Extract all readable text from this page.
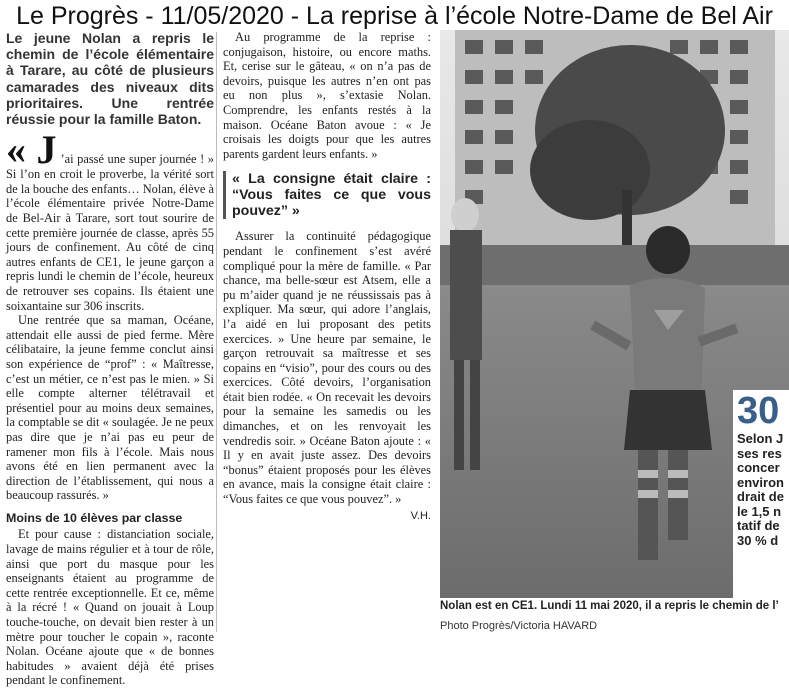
Le Progrès - 11/05/2020 - La reprise à l’école Notre-Dame de Bel Air
Le jeune Nolan a repris le chemin de l’école élémentaire à Tarare, au côté de plusieurs camarades des niveaux dits prioritaires. Une rentrée réussie pour la famille Baton.

« J ’ai passé une super journée ! » Si l’on en croit le proverbe, la vérité sort de la bouche des enfants… Nolan, élève à l’école élémentaire privée Notre-Dame de Bel-Air à Tarare, sort tout sourire de cette première journée de classe, après 55 jours de confinement. Au côté de cinq autres enfants de CE1, le jeune garçon a repris lundi le chemin de l’école, heureux de retrouver ses copains. Ils étaient une soixantaine sur 306 inscrits.

Une rentrée que sa maman, Océane, attendait elle aussi de pied ferme. Mère célibataire, la jeune femme conclut ainsi son expérience de “prof” : « Maîtresse, c’est un métier, ce n’est pas le mien. » Si elle compte alterner télétravail et présentiel pour au moins deux semaines, la comptable se dit « soulagée. Je ne peux pas dire que je n’ai pas eu peur de ramener mon fils à l’école. Mais nous avons été en lien permanent avec la direction de l’établissement, qui nous a beaucoup rassurés. »

Moins de 10 élèves par classe

Et pour cause : distanciation sociale, lavage de mains régulier et à tour de rôle, ainsi que port du masque pour les enseignants étaient au programme de cette rentrée exceptionnelle. Et ce, même à la récré ! « Quand on jouait à Loup touche-touche, on devait bien rester à un mètre pour toucher le copain », raconte Nolan. Océane ajoute que « de bonnes habitudes » avaient déjà été prises pendant le confinement.

Au programme de la reprise : conjugaison, histoire, ou encore maths. Et, cerise sur le gâteau, « on n’a pas de devoirs, puisque les autres n’en ont pas eu non plus », s’extasie Nolan. Comprendre, les enfants restés à la maison. Océane Baton avoue : « Je croisais les doigts pour que les autres parents gardent leurs enfants. »

« La consigne était claire : “Vous faites ce que vous pouvez” »

Assurer la continuité pédagogique pendant le confinement s’est avéré compliqué pour la mère de famille. « Par chance, ma belle-sœur est Atsem, elle a pu m’aider quand je ne réussissais pas à expliquer. Ma sœur, qui adore l’anglais, l’a aidé en lui proposant des petits exercices. » Une heure par semaine, le garçon retrouvait sa maîtresse et ses copains en “visio”, pour des cours ou des exercices. Côté devoirs, l’organisation était bien rodée. « On recevait les devoirs pour la semaine les samedis ou les dimanches, et on les renvoyait les vendredis soir. » Océane Baton ajoute : « Il y en avait juste assez. Des devoirs “bonus” étaient proposés pour les élèves en avance, mais la consigne était claire : “Vous faites ce que vous pouvez”. »

V.H.
30
Selon J
ses res
concer
environ
drait de
le 1,5 n
tatif de
30 % d
Nolan est en CE1. Lundi 11 mai 2020, il a repris le chemin de l’
Photo Progrès/Victoria HAVARD
